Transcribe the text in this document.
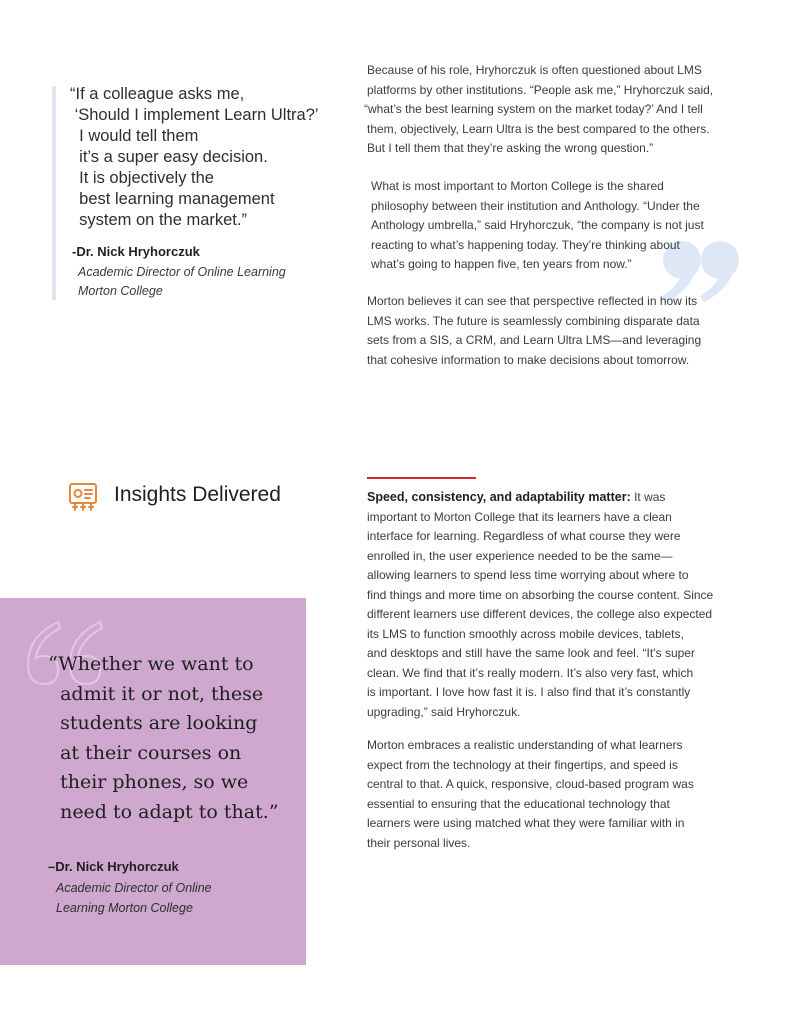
“If a colleague asks me,
‘Should I implement Learn Ultra?’
I would tell them
it’s a super easy decision.
It is objectively the
best learning management
system on the market.”
-Dr. Nick Hryhorczuk
Academic Director of Online Learning
Morton College
Because of his role, Hryhorczuk is often questioned about LMS
platforms by other institutions. “People ask me,” Hryhorczuk said,
“what’s the best learning system on the market today?’ And I tell
them, objectively, Learn Ultra is the best compared to the others.
But I tell them that they’re asking the wrong question.”
What is most important to Morton College is the shared
philosophy between their institution and Anthology. “Under the
Anthology umbrella,” said Hryhorczuk, “the company is not just
reacting to what’s happening today. They’re thinking about
what’s going to happen five, ten years from now.”
Morton believes it can see that perspective reflected in how its
LMS works. The future is seamlessly combining disparate data
sets from a SIS, a CRM, and Learn Ultra LMS—and leveraging
that cohesive information to make decisions about tomorrow.
Insights Delivered	Speed, consistency, and adaptability matter: It was
important to Morton College that its learners have a clean
interface for learning. Regardless of what course they were
enrolled in, the user experience needed to be the same—
allowing learners to spend less time worrying about where to
find things and more time on absorbing the course content. Since
different learners use different devices, the college also expected
its LMS to function smoothly across mobile devices, tablets,
and desktops and still have the same look and feel. “It’s super
clean. We find that it’s really modern. It’s also very fast, which
is important. I love how fast it is. I also find that it’s constantly
upgrading,” said Hryhorczuk.
Morton embraces a realistic understanding of what learners
expect from the technology at their fingertips, and speed is
central to that. A quick, responsive, cloud-based program was
essential to ensuring that the educational technology that
learners were using matched what they were familiar with in
their personal lives.
“Whether we want to
admit it or not, these
students are looking
at their courses on
their phones, so we
need to adapt to that.”
–Dr. Nick Hryhorczuk
Academic Director of Online
Learning Morton College
